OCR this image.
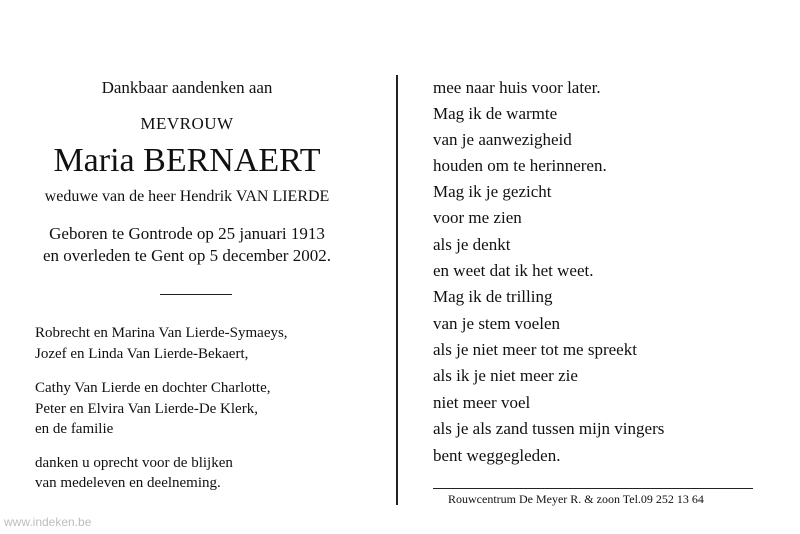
Dankbaar aandenken aan
MEVROUW
Maria BERNAERT
weduwe van de heer Hendrik VAN LIERDE
Geboren te Gontrode op 25 januari 1913
en overleden te Gent op 5 december 2002.
Robrecht en Marina Van Lierde-Symaeys,
Jozef en Linda Van Lierde-Bekaert,
Cathy Van Lierde en dochter Charlotte,
Peter en Elvira Van Lierde-De Klerk,
en de familie
danken u oprecht voor de blijken
van medeleven en deelneming.
mee naar huis voor later.
Mag ik de warmte
van je aanwezigheid
houden om te herinneren.
Mag ik je gezicht
voor me zien
als je denkt
en weet dat ik het weet.
Mag ik de trilling
van je stem voelen
als je niet meer tot me spreekt
als ik je niet meer zie
niet meer voel
als je als zand tussen mijn vingers
bent weggegleden.
Rouwcentrum De Meyer R. & zoon Tel.09 252 13 64
www.indeken.be
